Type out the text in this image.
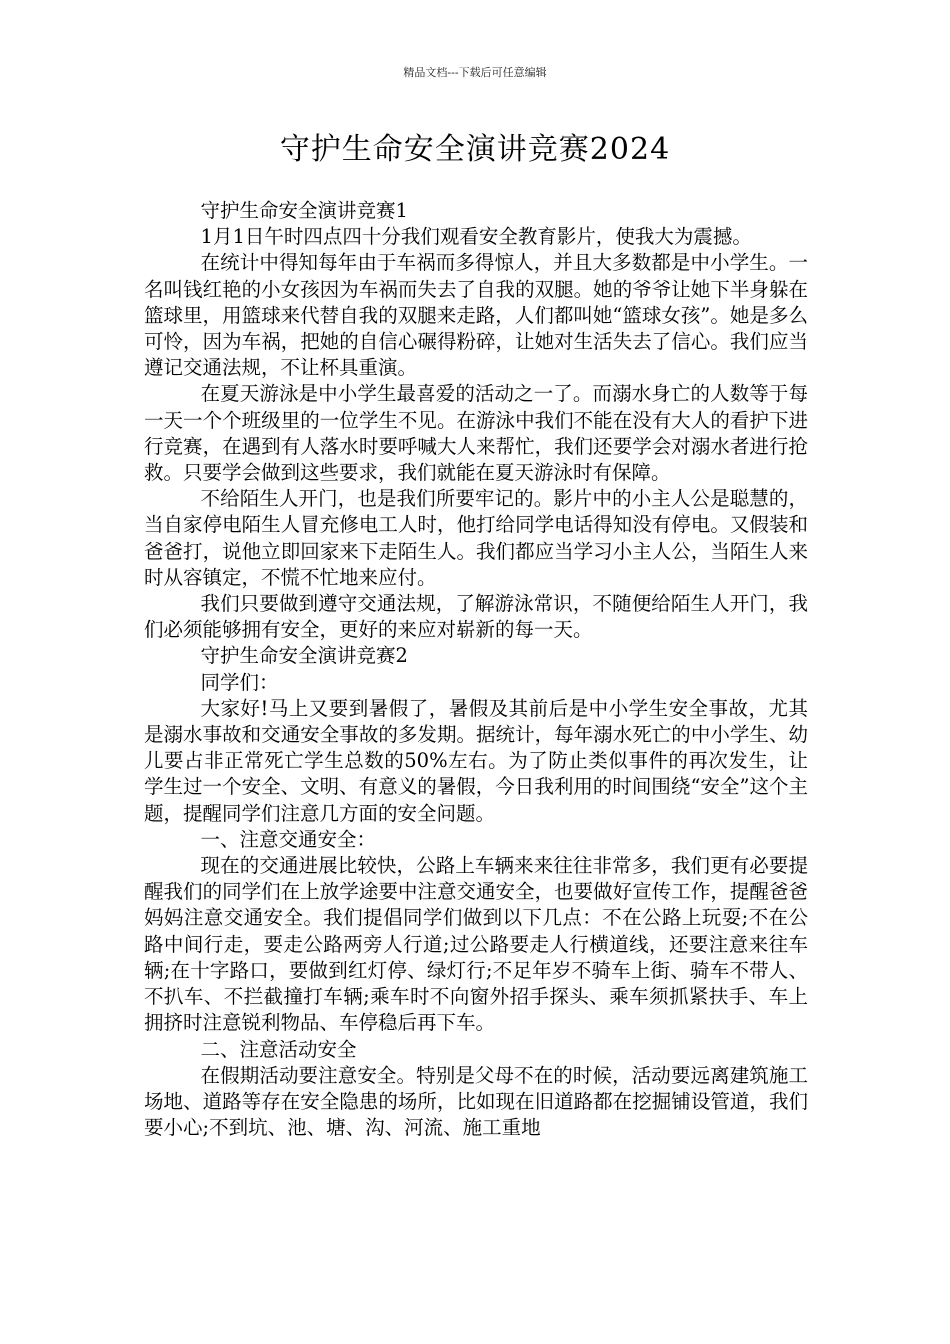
精品文档---下载后可任意编辑
守护生命安全演讲竞赛2024

守护生命安全演讲竞赛1

1月1日午时四点四十分我们观看安全教育影片，使我大为震撼。

在统计中得知每年由于车祸而多得惊人，并且大多数都是中小学生。一名叫钱红艳的小女孩因为车祸而失去了自我的双腿。她的爷爷让她下半身躲在篮球里，用篮球来代替自我的双腿来走路，人们都叫她“篮球女孩”。她是多么可怜，因为车祸，把她的自信心碾得粉碎，让她对生活失去了信心。我们应当遵记交通法规，不让杯具重演。

在夏天游泳是中小学生最喜爱的活动之一了。而溺水身亡的人数等于每一天一个个班级里的一位学生不见。在游泳中我们不能在没有大人的看护下进行竞赛，在遇到有人落水时要呼喊大人来帮忙，我们还要学会对溺水者进行抢救。只要学会做到这些要求，我们就能在夏天游泳时有保障。

不给陌生人开门，也是我们所要牢记的。影片中的小主人公是聪慧的，当自家停电陌生人冒充修电工人时，他打给同学电话得知没有停电。又假装和爸爸打，说他立即回家来下走陌生人。我们都应当学习小主人公，当陌生人来时从容镇定，不慌不忙地来应付。

我们只要做到遵守交通法规，了解游泳常识，不随便给陌生人开门，我们必须能够拥有安全，更好的来应对崭新的每一天。

守护生命安全演讲竞赛2

同学们：

大家好!马上又要到暑假了，暑假及其前后是中小学生安全事故，尤其是溺水事故和交通安全事故的多发期。据统计，每年溺水死亡的中小学生、幼儿要占非正常死亡学生总数的50%左右。为了防止类似事件的再次发生，让学生过一个安全、文明、有意义的暑假，今日我利用的时间围绕“安全”这个主题，提醒同学们注意几方面的安全问题。

一、注意交通安全：

现在的交通进展比较快，公路上车辆来来往往非常多，我们更有必要提醒我们的同学们在上放学途要中注意交通安全，也要做好宣传工作，提醒爸爸妈妈注意交通安全。我们提倡同学们做到以下几点：不在公路上玩耍;不在公路中间行走，要走公路两旁人行道;过公路要走人行横道线，还要注意来往车辆;在十字路口，要做到红灯停、绿灯行;不足年岁不骑车上街、骑车不带人、不扒车、不拦截撞打车辆;乘车时不向窗外招手探头、乘车须抓紧扶手、车上拥挤时注意锐利物品、车停稳后再下车。

二、注意活动安全

在假期活动要注意安全。特别是父母不在的时候，活动要远离建筑施工场地、道路等存在安全隐患的场所，比如现在旧道路都在挖掘铺设管道，我们要小心;不到坑、池、塘、沟、河流、施工重地
